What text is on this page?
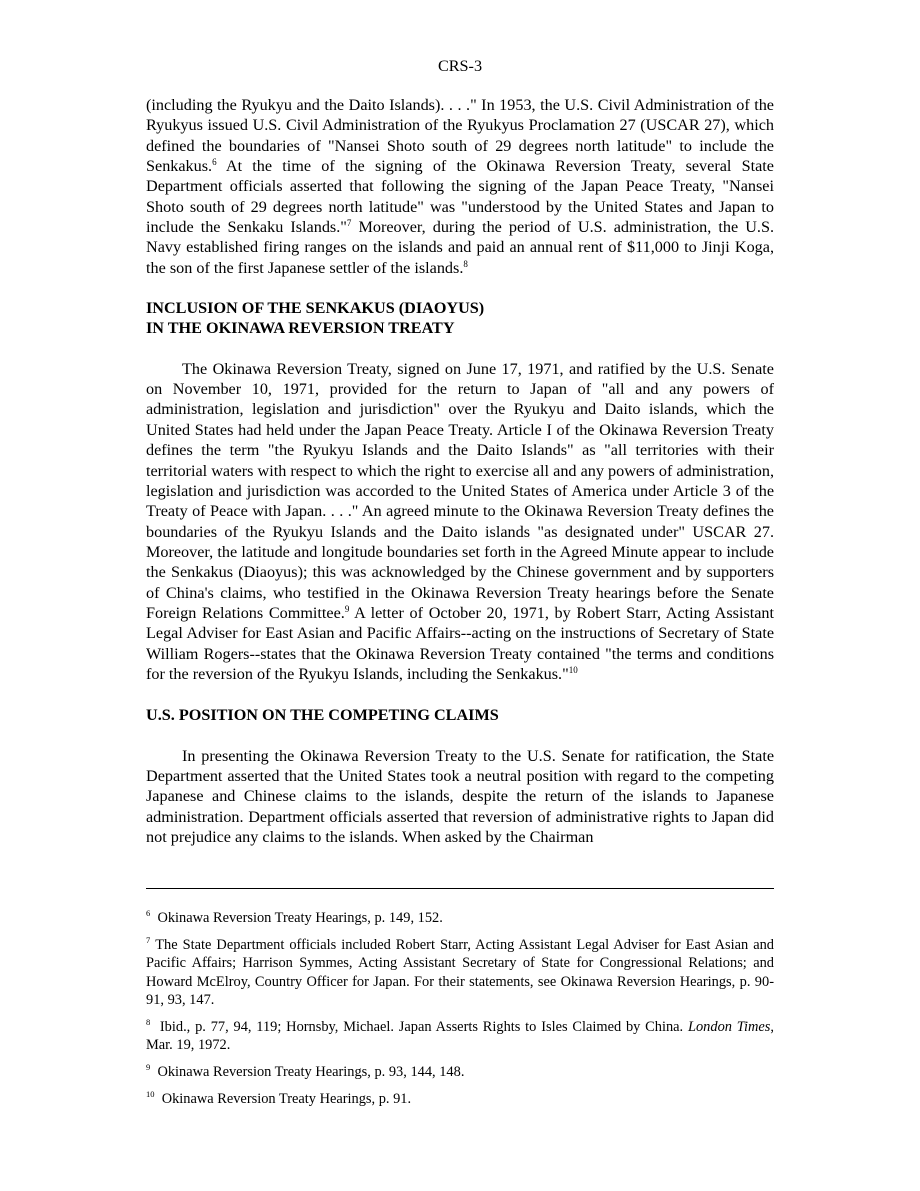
CRS-3

(including the Ryukyu and the Daito Islands). . . ." In 1953, the U.S. Civil Administration of the Ryukyus issued U.S. Civil Administration of the Ryukyus Proclamation 27 (USCAR 27), which defined the boundaries of "Nansei Shoto south of 29 degrees north latitude" to include the Senkakus.$^6$ At the time of the signing of the Okinawa Reversion Treaty, several State Department officials asserted that following the signing of the Japan Peace Treaty, "Nansei Shoto south of 29 degrees north latitude" was "understood by the United States and Japan to include the Senkaku Islands."$^7$ Moreover, during the period of U.S. administration, the U.S. Navy established firing ranges on the islands and paid an annual rent of $11,000 to Jinji Koga, the son of the first Japanese settler of the islands.$^8$

INCLUSION OF THE SENKAKUS (DIAOYUS)
IN THE OKINAWA REVERSION TREATY

The Okinawa Reversion Treaty, signed on June 17, 1971, and ratified by the U.S. Senate on November 10, 1971, provided for the return to Japan of "all and any powers of administration, legislation and jurisdiction" over the Ryukyu and Daito islands, which the United States had held under the Japan Peace Treaty. Article I of the Okinawa Reversion Treaty defines the term "the Ryukyu Islands and the Daito Islands" as "all territories with their territorial waters with respect to which the right to exercise all and any powers of administration, legislation and jurisdiction was accorded to the United States of America under Article 3 of the Treaty of Peace with Japan. . . ." An agreed minute to the Okinawa Reversion Treaty defines the boundaries of the Ryukyu Islands and the Daito islands "as designated under" USCAR 27. Moreover, the latitude and longitude boundaries set forth in the Agreed Minute appear to include the Senkakus (Diaoyus); this was acknowledged by the Chinese government and by supporters of China's claims, who testified in the Okinawa Reversion Treaty hearings before the Senate Foreign Relations Committee.$^9$ A letter of October 20, 1971, by Robert Starr, Acting Assistant Legal Adviser for East Asian and Pacific Affairs--acting on the instructions of Secretary of State William Rogers--states that the Okinawa Reversion Treaty contained "the terms and conditions for the reversion of the Ryukyu Islands, including the Senkakus."$^{10}$

U.S. POSITION ON THE COMPETING CLAIMS

In presenting the Okinawa Reversion Treaty to the U.S. Senate for ratification, the State Department asserted that the United States took a neutral position with regard to the competing Japanese and Chinese claims to the islands, despite the return of the islands to Japanese administration. Department officials asserted that reversion of administrative rights to Japan did not prejudice any claims to the islands. When asked by the Chairman

$^6$ Okinawa Reversion Treaty Hearings, p. 149, 152.

$^7$ The State Department officials included Robert Starr, Acting Assistant Legal Adviser for East Asian and Pacific Affairs; Harrison Symmes, Acting Assistant Secretary of State for Congressional Relations; and Howard McElroy, Country Officer for Japan. For their statements, see Okinawa Reversion Hearings, p. 90-91, 93, 147.

$^8$ Ibid., p. 77, 94, 119; Hornsby, Michael. Japan Asserts Rights to Isles Claimed by China. London Times, Mar. 19, 1972.

$^9$ Okinawa Reversion Treaty Hearings, p. 93, 144, 148.

$^{10}$ Okinawa Reversion Treaty Hearings, p. 91.
